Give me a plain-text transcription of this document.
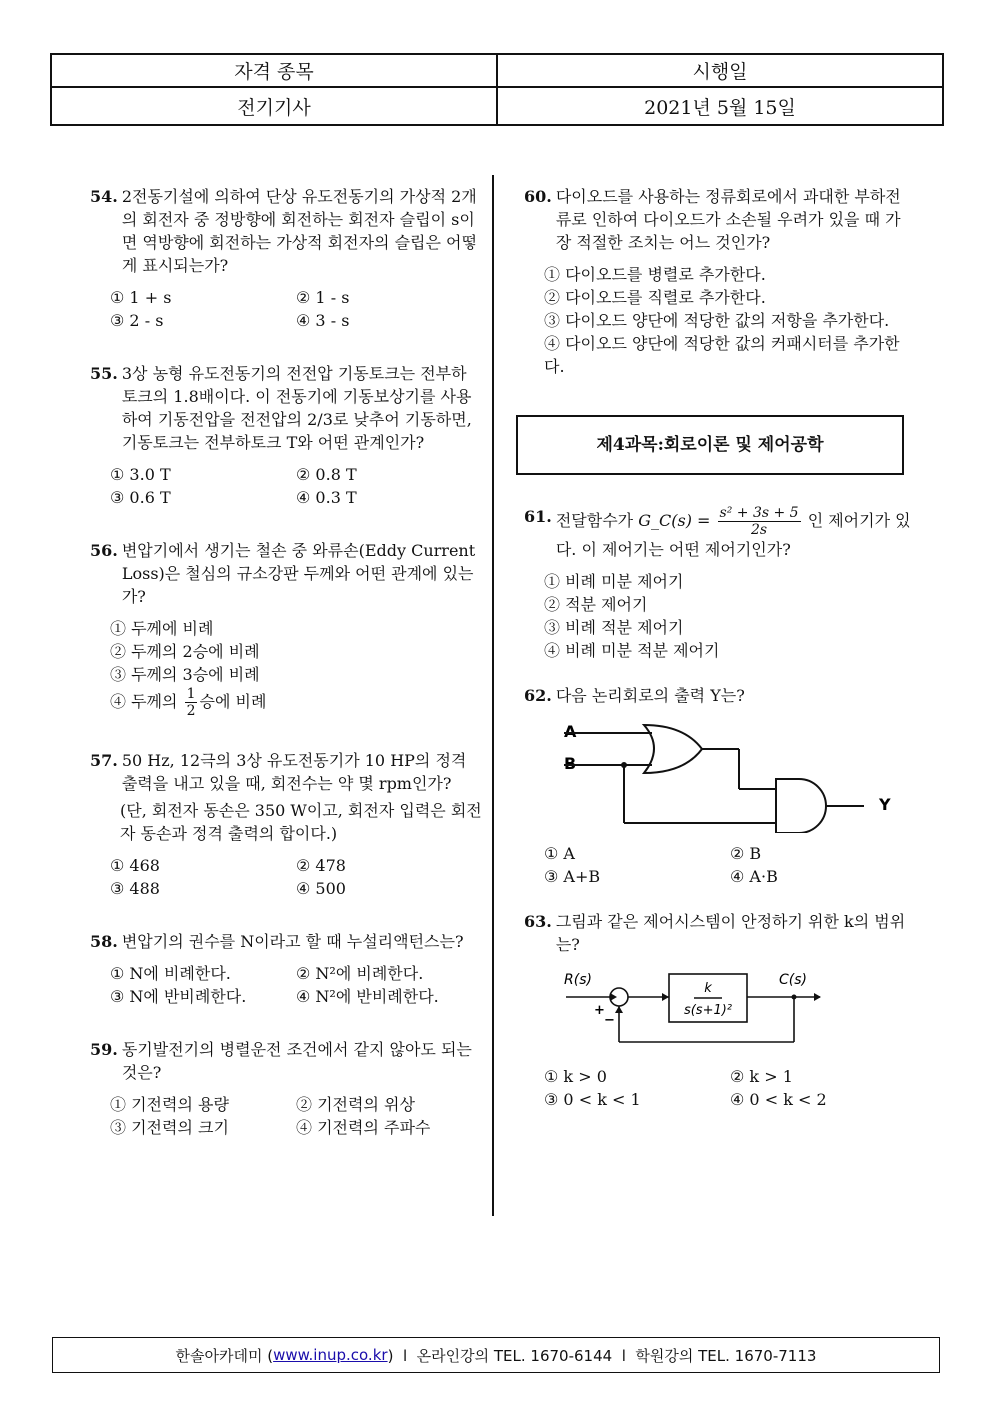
자격 종목	시행일
전기기사	2021년 5월 15일
54. 2전동기설에 의하여 단상 유도전동기의 가상적 2개의 회전자 중 정방향에 회전하는 회전자 슬립이 s이면 역방향에 회전하는 가상적 회전자의 슬립은 어떻게 표시되는가?
① 1 + s	② 1 - s
③ 2 - s	④ 3 - s
55. 3상 농형 유도전동기의 전전압 기동토크는 전부하토크의 1.8배이다. 이 전동기에 기동보상기를 사용하여 기동전압을 전전압의 2/3로 낮추어 기동하면, 기동토크는 전부하토크 T와 어떤 관계인가?
① 3.0 T	② 0.8 T
③ 0.6 T	④ 0.3 T
56. 변압기에서 생기는 철손 중 와류손(Eddy Current Loss)은 철심의 규소강판 두께와 어떤 관계에 있는가?
① 두께에 비례
② 두께의 2승에 비례
③ 두께의 3승에 비례
④ 두께의 $\frac{1}{2}$ 승에 비례
57. 50 Hz, 12극의 3상 유도전동기가 10 HP의 정격 출력을 내고 있을 때, 회전수는 약 몇 rpm인가?
(단, 회전자 동손은 350 W이고, 회전자 입력은 회전자 동손과 정격 출력의 합이다.)
① 468	② 478
③ 488	④ 500
58. 변압기의 권수를 N이라고 할 때 누설리액턴스는?
① N에 비례한다.	② N²에 비례한다.
③ N에 반비례한다.	④ N²에 반비례한다.
59. 동기발전기의 병렬운전 조건에서 같지 않아도 되는 것은?
① 기전력의 용량	② 기전력의 위상
③ 기전력의 크기	④ 기전력의 주파수
60. 다이오드를 사용하는 정류회로에서 과대한 부하전류로 인하여 다이오드가 소손될 우려가 있을 때 가장 적절한 조치는 어느 것인가?
① 다이오드를 병렬로 추가한다.
② 다이오드를 직렬로 추가한다.
③ 다이오드 양단에 적당한 값의 저항을 추가한다.
④ 다이오드 양단에 적당한 값의 커패시터를 추가한다.
제4과목:회로이론 및 제어공학
61. 전달함수가 G_C(s) = $\frac{\text{s² + 3s + 5}}{2s}$ 인 제어기가 있다. 이 제어기는 어떤 제어기인가?
① 비례 미분 제어기
② 적분 제어기
③ 비례 적분 제어기
④ 비례 미분 적분 제어기
62. 다음 논리회로의 출력 Y는?
A
B
Y
① A	② B
③ A+B	④ A·B
63. 그림과 같은 제어시스템이 안정하기 위한 k의 범위는?
R(s)	C(s)
+
−
k
s(s+1)²
① k > 0	② k > 1
③ 0 < k < 1	④ 0 < k < 2
한솔아카데미 ( www.inup.co.kr )  l  온라인강의 TEL. 1670-6144  l  학원강의 TEL. 1670-7113
